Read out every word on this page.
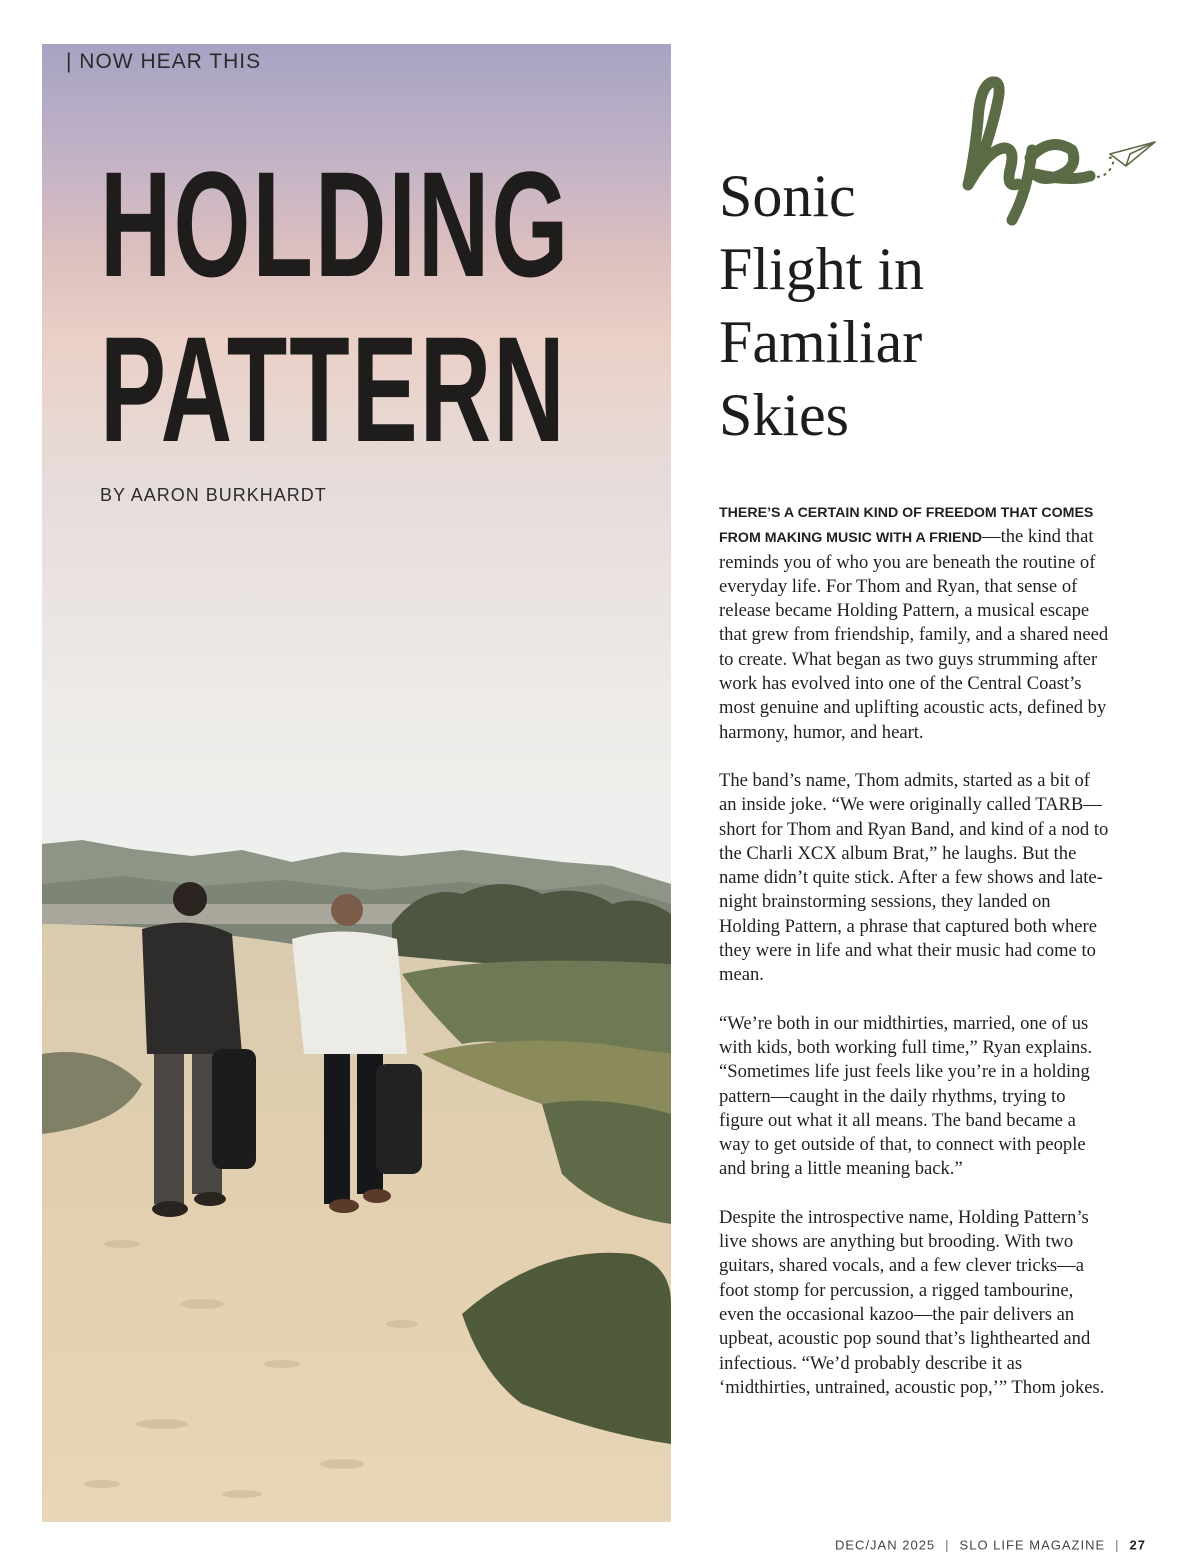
| NOW HEAR THIS
HOLDING
PATTERN
BY AARON BURKHARDT
Sonic
Flight in
Familiar
Skies

THERE’S A CERTAIN KIND OF FREEDOM THAT COMES FROM MAKING MUSIC WITH A FRIEND—the kind that reminds you of who you are beneath the routine of everyday life. For Thom and Ryan, that sense of release became Holding Pattern, a musical escape that grew from friendship, family, and a shared need to create. What began as two guys strumming after work has evolved into one of the Central Coast’s most genuine and uplifting acoustic acts, defined by harmony, humor, and heart.

The band’s name, Thom admits, started as a bit of an inside joke. “We were originally called TARB—short for Thom and Ryan Band, and kind of a nod to the Charli XCX album Brat,” he laughs. But the name didn’t quite stick. After a few shows and late-night brainstorming sessions, they landed on Holding Pattern, a phrase that captured both where they were in life and what their music had come to mean.

“We’re both in our midthirties, married, one of us with kids, both working full time,” Ryan explains. “Sometimes life just feels like you’re in a holding pattern—caught in the daily rhythms, trying to figure out what it all means. The band became a way to get outside of that, to connect with people and bring a little meaning back.”

Despite the introspective name, Holding Pattern’s live shows are anything but brooding. With two guitars, shared vocals, and a few clever tricks—a foot stomp for percussion, a rigged tambourine, even the occasional kazoo—the pair delivers an upbeat, acoustic pop sound that’s lighthearted and infectious. “We’d probably describe it as ‘midthirties, untrained, acoustic pop,’” Thom jokes.

DEC/JAN 2025 | SLO LIFE MAGAZINE | 27
